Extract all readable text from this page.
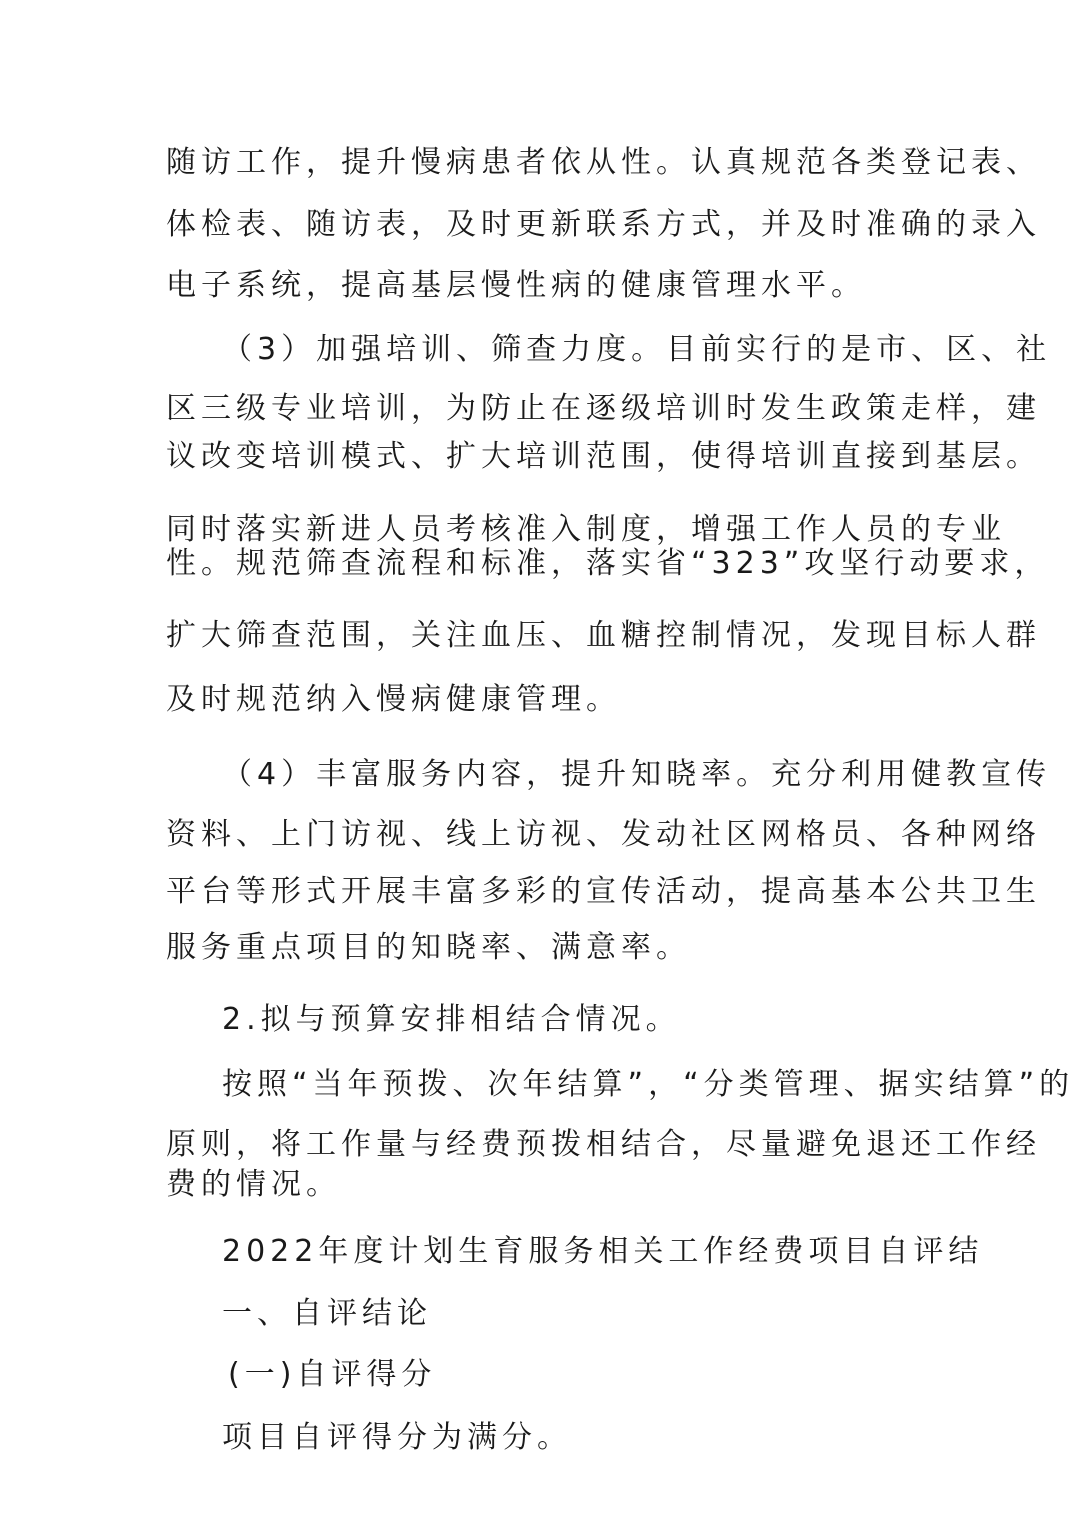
随访工作，提升慢病患者依从性。认真规范各类登记表、
体检表、随访表，及时更新联系方式，并及时准确的录入
电子系统，提高基层慢性病的健康管理水平。
（3）加强培训、筛查力度。目前实行的是市、区、社
区三级专业培训，为防止在逐级培训时发生政策走样，建
议改变培训模式、扩大培训范围，使得培训直接到基层。
同时落实新进人员考核准入制度，增强工作人员的专业
性。规范筛查流程和标准，落实省“323”攻坚行动要求，
扩大筛查范围，关注血压、血糖控制情况，发现目标人群
及时规范纳入慢病健康管理。
（4）丰富服务内容，提升知晓率。充分利用健教宣传
资料、上门访视、线上访视、发动社区网格员、各种网络
平台等形式开展丰富多彩的宣传活动，提高基本公共卫生
服务重点项目的知晓率、满意率。
2.拟与预算安排相结合情况。
按照“当年预拨、次年结算”，“分类管理、据实结算”的
原则，将工作量与经费预拨相结合，尽量避免退还工作经
费的情况。
2022年度计划生育服务相关工作经费项目自评结
一、自评结论
(一)自评得分
项目自评得分为满分。
